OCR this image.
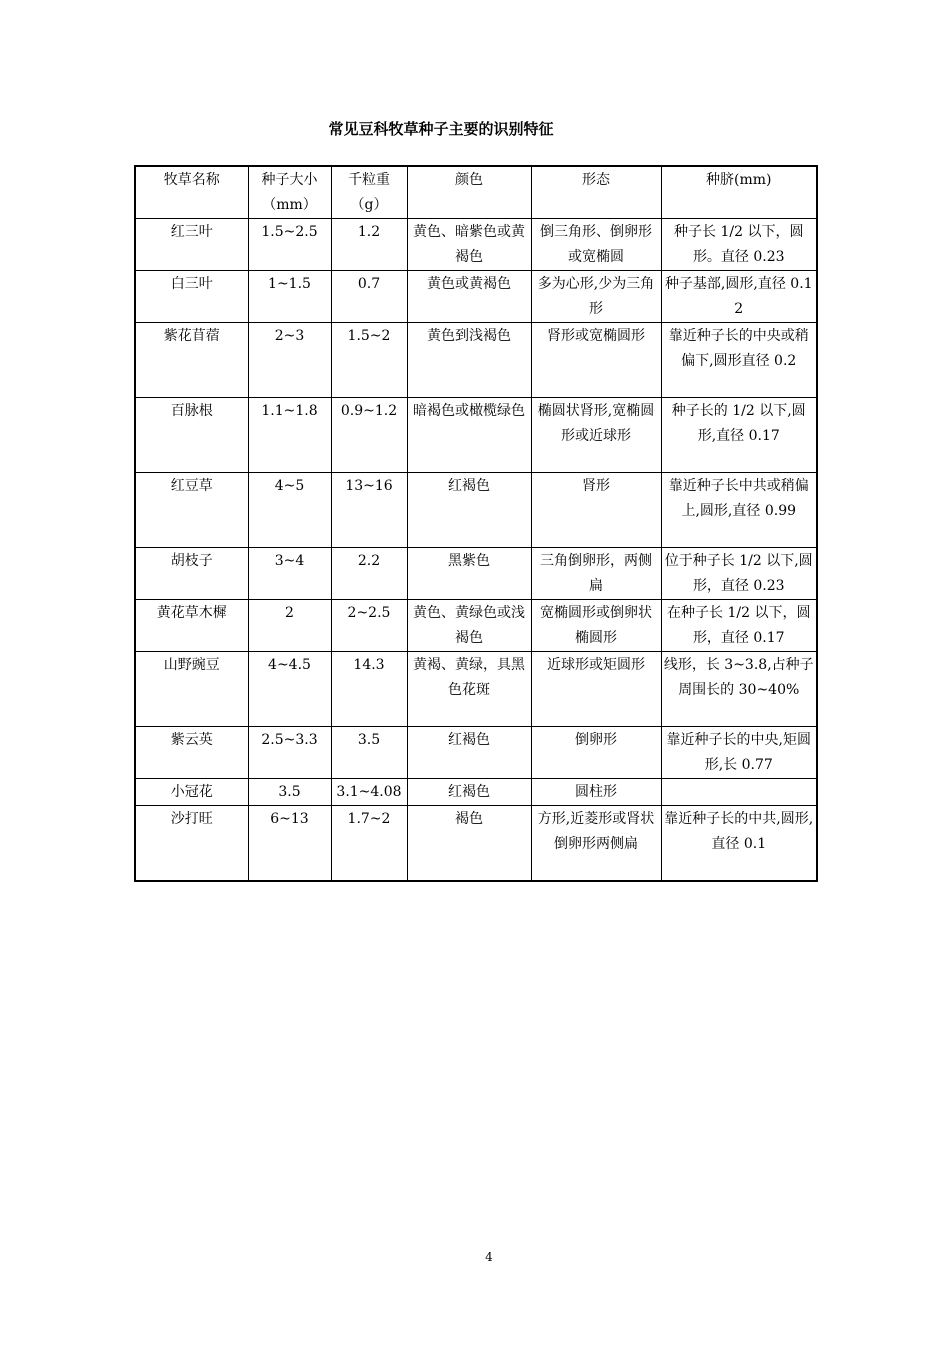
常见豆科牧草种子主要的识别特征
牧草名称	种子大小（mm）	千粒重（g）	颜色	形态	种脐(mm)
红三叶	1.5~2.5	1.2	黄色、暗紫色或黄褐色	倒三角形、倒卵形或宽椭圆	种子长 1/2 以下，圆形。直径 0.23
白三叶	1~1.5	0.7	黄色或黄褐色	多为心形,少为三角形	种子基部,圆形,直径 0.12
紫花苜蓿	2~3	1.5~2	黄色到浅褐色	肾形或宽椭圆形	靠近种子长的中央或稍偏下,圆形直径 0.2
百脉根	1.1~1.8	0.9~1.2	暗褐色或橄榄绿色	椭圆状肾形,宽椭圆形或近球形	种子长的 1/2 以下,圆形,直径 0.17
红豆草	4~5	13~16	红褐色	肾形	靠近种子长中共或稍偏上,圆形,直径 0.99
胡枝子	3~4	2.2	黑紫色	三角倒卵形，两侧扁	位于种子长 1/2 以下,圆形，直径 0.23
黄花草木樨	2	2~2.5	黄色、黄绿色或浅褐色	宽椭圆形或倒卵状椭圆形	在种子长 1/2 以下，圆形，直径 0.17
山野豌豆	4~4.5	14.3	黄褐、黄绿，具黑色花斑	近球形或矩圆形	线形，长 3~3.8,占种子周围长的 30~40%
紫云英	2.5~3.3	3.5	红褐色	倒卵形	靠近种子长的中央,矩圆形,长 0.77
小冠花	3.5	3.1~4.08	红褐色	圆柱形	
沙打旺	6~13	1.7~2	褐色	方形,近菱形或肾状倒卵形两侧扁	靠近种子长的中共,圆形,直径 0.1
4
